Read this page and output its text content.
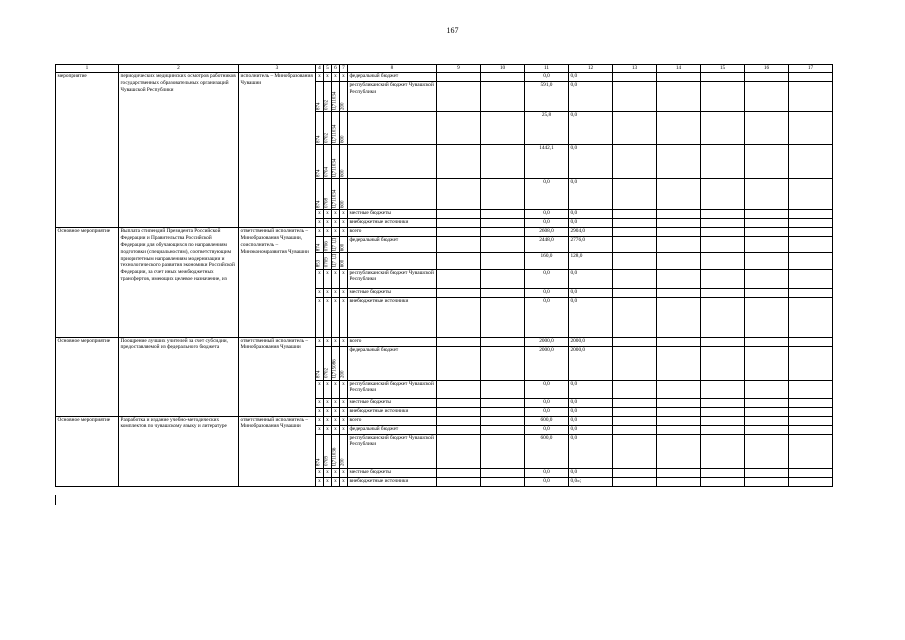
167
1	2	3	4	5	6	7	8	9	10	11	12	13	14	15	16	17
мероприятие	периодических медицинских осмотров работников государственных образовательных организаций Чувашской Республики	исполнитель – Минобразования Чувашии	x	x	x	x	федеральный бюджет			0,0	0,0					
			874	0702	Ц711034	200	республиканский бюджет Чувашской Республики			591,0	0,0					
			874	0702	Ц711034	600				25,8	0,0					
			874	0704	Ц711034	600				1442,1	0,0					
			874	0708	Ц711034	600				0,0	0,0					
			x	x	x	x	местные бюджеты			0,0	0,0					
			x	x	x	x	внебюджетные источники			0,0	0,0					
Основное мероприятие	Выплата стипендий Президента Российской Федерации и Правительства Российской Федерации для обучающихся по направлениям подготовки (специальностям), соответствующим приоритетным направлениям модернизации и технологического развития экономики Российской Федерации, за счет иных межбюджетных трансфертов, имеющих целевое назначение, из	ответственный исполнитель – Минобразования Чувашии, соисполнитель – Минэкономразвития Чувашии	x	x	x	x	всего			2608,0	2904,0					
			874	0706	Ц7 1Д	600	федеральный бюджет			2448,0	2776,0					
			853	0709	Ц7 1Д	600				160,0	128,0					
			x	x	x	x	республиканский бюджет Чувашской Республики			0,0	0,0					
			x	x	x	x	местные бюджеты			0,0	0,0					
			x	x	x	x	внебюджетные источники			0,0	0,0					
Основное мероприятие	Поощрение лучших учителей за счет субсидии, предоставляемой из федерального бюджета	ответственный исполнитель – Минобразования Чувашии	x	x	x	x	всего			2000,0	2000,0					
			874	0702	Ц715086	200	федеральный бюджет			2000,0	2000,0					
			x	x	x	x	республиканский бюджет Чувашской Республики			0,0	0,0					
			x	x	x	x	местные бюджеты			0,0	0,0					
			x	x	x	x	внебюджетные источники			0,0	0,0					
Основное мероприятие	Разработка и издание учебно-методических комплектов по чувашскому языку и литературе	ответственный исполнитель – Минобразования Чувашии	x	x	x	x	всего			600,0	0,0					
			x	x	x	x	федеральный бюджет			0,0	0,0					
			874	0709	Ц711036	200	республиканский бюджет Чувашской Республики			600,0	0,0					
			x	x	x	x	местные бюджеты			0,0	0,0					
			x	x	x	x	внебюджетные источники			0,0	0,0»;					
